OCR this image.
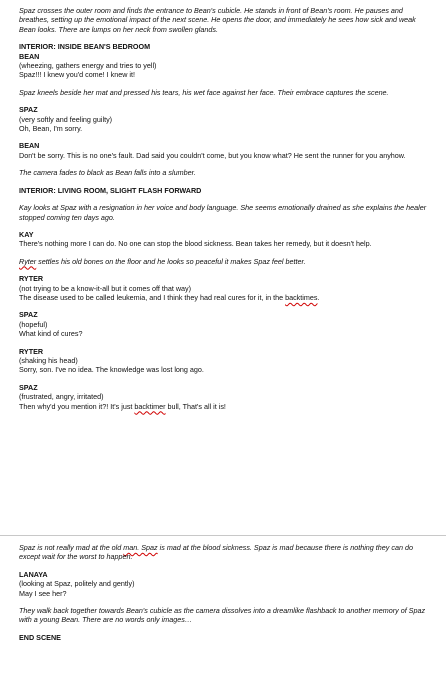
Spaz crosses the outer room and finds the entrance to Bean's cubicle. He stands in front of Bean's room. He pauses and breathes, setting up the emotional impact of the next scene. He opens the door, and immediately he sees how sick and weak Bean looks. There are lumps on her neck from swollen glands.

INTERIOR: INSIDE BEAN'S BEDROOM
BEAN
(wheezing, gathers energy and tries to yell)
Spaz!!! I knew you'd come! I knew it!

Spaz kneels beside her mat and pressed his tears, his wet face against her face. Their embrace captures the scene.

SPAZ
(very softly and feeling guilty)
Oh, Bean, I'm sorry.
BEAN
Don't be sorry. This is no one's fault. Dad said you couldn't come, but you know what? He sent the runner for you anyhow.

The camera fades to black as Bean falls into a slumber.

INTERIOR: LIVING ROOM, SLIGHT FLASH FORWARD

Kay looks at Spaz with a resignation in her voice and body language. She seems emotionally drained as she explains the healer stopped coming ten days ago.

KAY
There's nothing more I can do. No one can stop the blood sickness. Bean takes her remedy, but it doesn't help.

Ryter settles his old bones on the floor and he looks so peaceful it makes Spaz feel better.

RYTER
(not trying to be a know-it-all but it comes off that way)
The disease used to be called leukemia, and I think they had real cures for it, in the backtimes.
SPAZ
(hopeful)
What kind of cures?
RYTER
(shaking his head)
Sorry, son. I've no idea. The knowledge was lost long ago.
SPAZ
(frustrated, angry, irritated)
Then why'd you mention it?! It's just backtimer bull, That's all it is!

Spaz is not really mad at the old man. Spaz is mad at the blood sickness. Spaz is mad because there is nothing they can do except wait for the worst to happen.

LANAYA
(looking at Spaz, politely and gently)
May I see her?

They walk back together towards Bean's cubicle as the camera dissolves into a dreamlike flashback to another memory of Spaz with a young Bean. There are no words only images…

END SCENE
